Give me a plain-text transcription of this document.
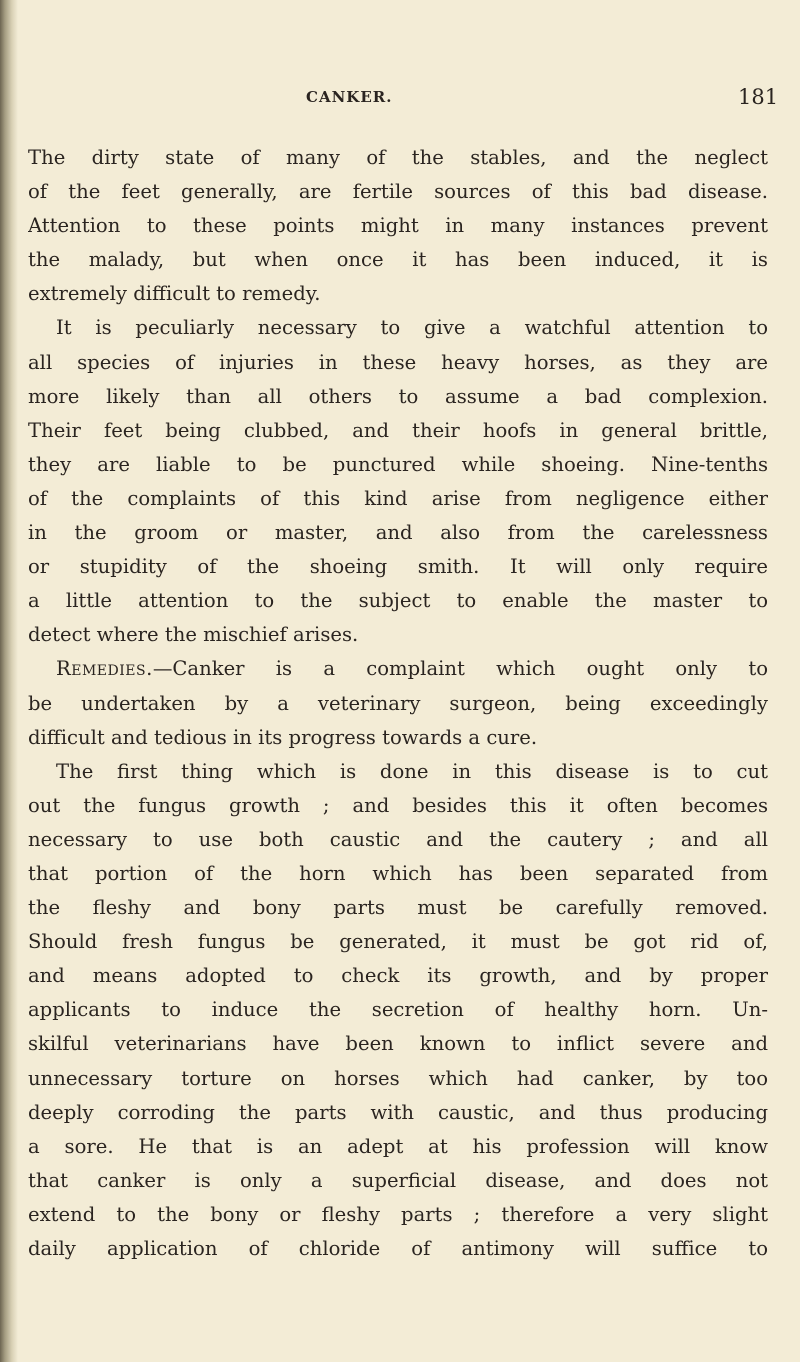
CANKER.	181
The dirty state of many of the stables, and the neglect
of the feet generally, are fertile sources of this bad disease.
Attention to these points might in many instances prevent
the malady, but when once it has been induced, it is
extremely difficult to remedy.
It is peculiarly necessary to give a watchful attention to
all species of injuries in these heavy horses, as they are
more likely than all others to assume a bad complexion.
Their feet being clubbed, and their hoofs in general brittle,
they are liable to be punctured while shoeing. Nine-tenths
of the complaints of this kind arise from negligence either
in the groom or master, and also from the carelessness
or stupidity of the shoeing smith. It will only require
a little attention to the subject to enable the master to
detect where the mischief arises.
Remedies.—Canker is a complaint which ought only to
be undertaken by a veterinary surgeon, being exceedingly
difficult and tedious in its progress towards a cure.
The first thing which is done in this disease is to cut
out the fungus growth ; and besides this it often becomes
necessary to use both caustic and the cautery ; and all
that portion of the horn which has been separated from
the fleshy and bony parts must be carefully removed.
Should fresh fungus be generated, it must be got rid of,
and means adopted to check its growth, and by proper
applicants to induce the secretion of healthy horn. Un-
skilful veterinarians have been known to inflict severe and
unnecessary torture on horses which had canker, by too
deeply corroding the parts with caustic, and thus producing
a sore. He that is an adept at his profession will know
that canker is only a superficial disease, and does not
extend to the bony or fleshy parts ; therefore a very slight
daily application of chloride of antimony will suffice to
